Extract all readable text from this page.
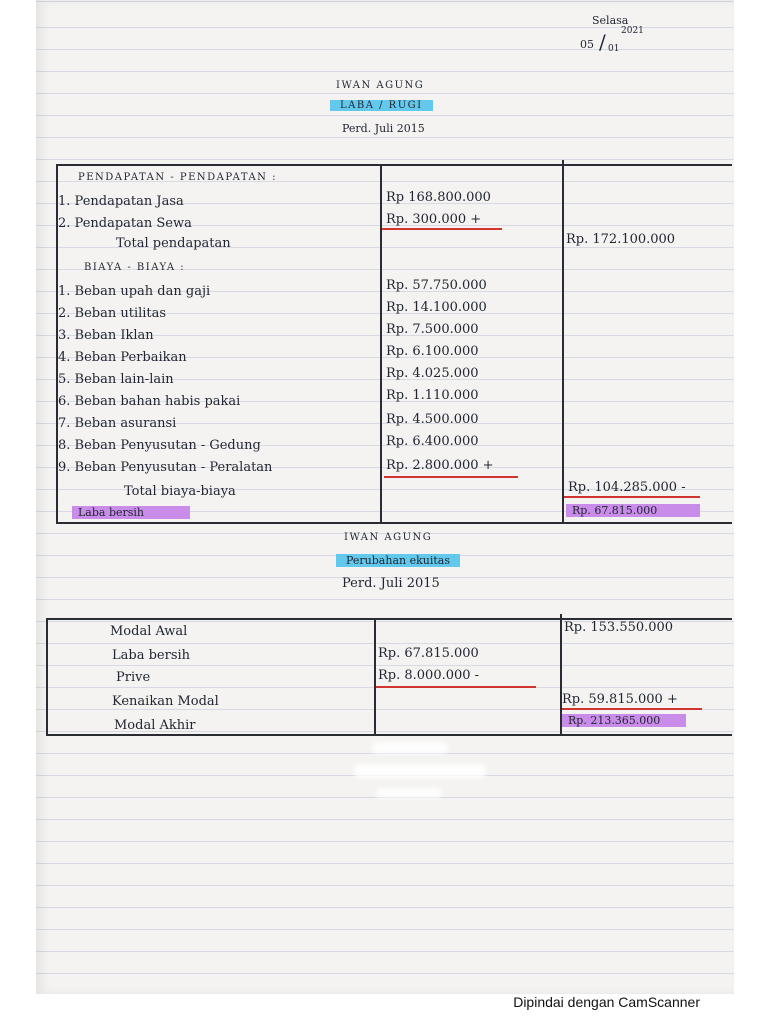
Selasa
05 / 2021
01
IWAN AGUNG
LABA / RUGI
Perd. Juli 2015
PENDAPATAN - PENDAPATAN :
1. Pendapatan Jasa	Rp 168.800.000
2. Pendapatan Sewa	Rp. 300.000 +
Total pendapatan	Rp. 172.100.000
BIAYA - BIAYA :
1. Beban upah dan gaji	Rp. 57.750.000
2. Beban utilitas	Rp. 14.100.000
3. Beban Iklan	Rp. 7.500.000
4. Beban Perbaikan	Rp. 6.100.000
5. Beban lain-lain	Rp. 4.025.000
6. Beban bahan habis pakai	Rp. 1.110.000
7. Beban asuransi	Rp. 4.500.000
8. Beban Penyusutan - Gedung	Rp. 6.400.000
9. Beban Penyusutan - Peralatan	Rp. 2.800.000 +
Total biaya-biaya	Rp. 104.285.000 -
Laba bersih	Rp. 67.815.000
IWAN AGUNG
Perubahan ekuitas
Perd. Juli 2015
Modal Awal	Rp. 153.550.000
Laba bersih	Rp. 67.815.000
Prive	Rp. 8.000.000 -
Kenaikan Modal	Rp. 59.815.000 +
Modal Akhir	Rp. 213.365.000
Dipindai dengan CamScanner
